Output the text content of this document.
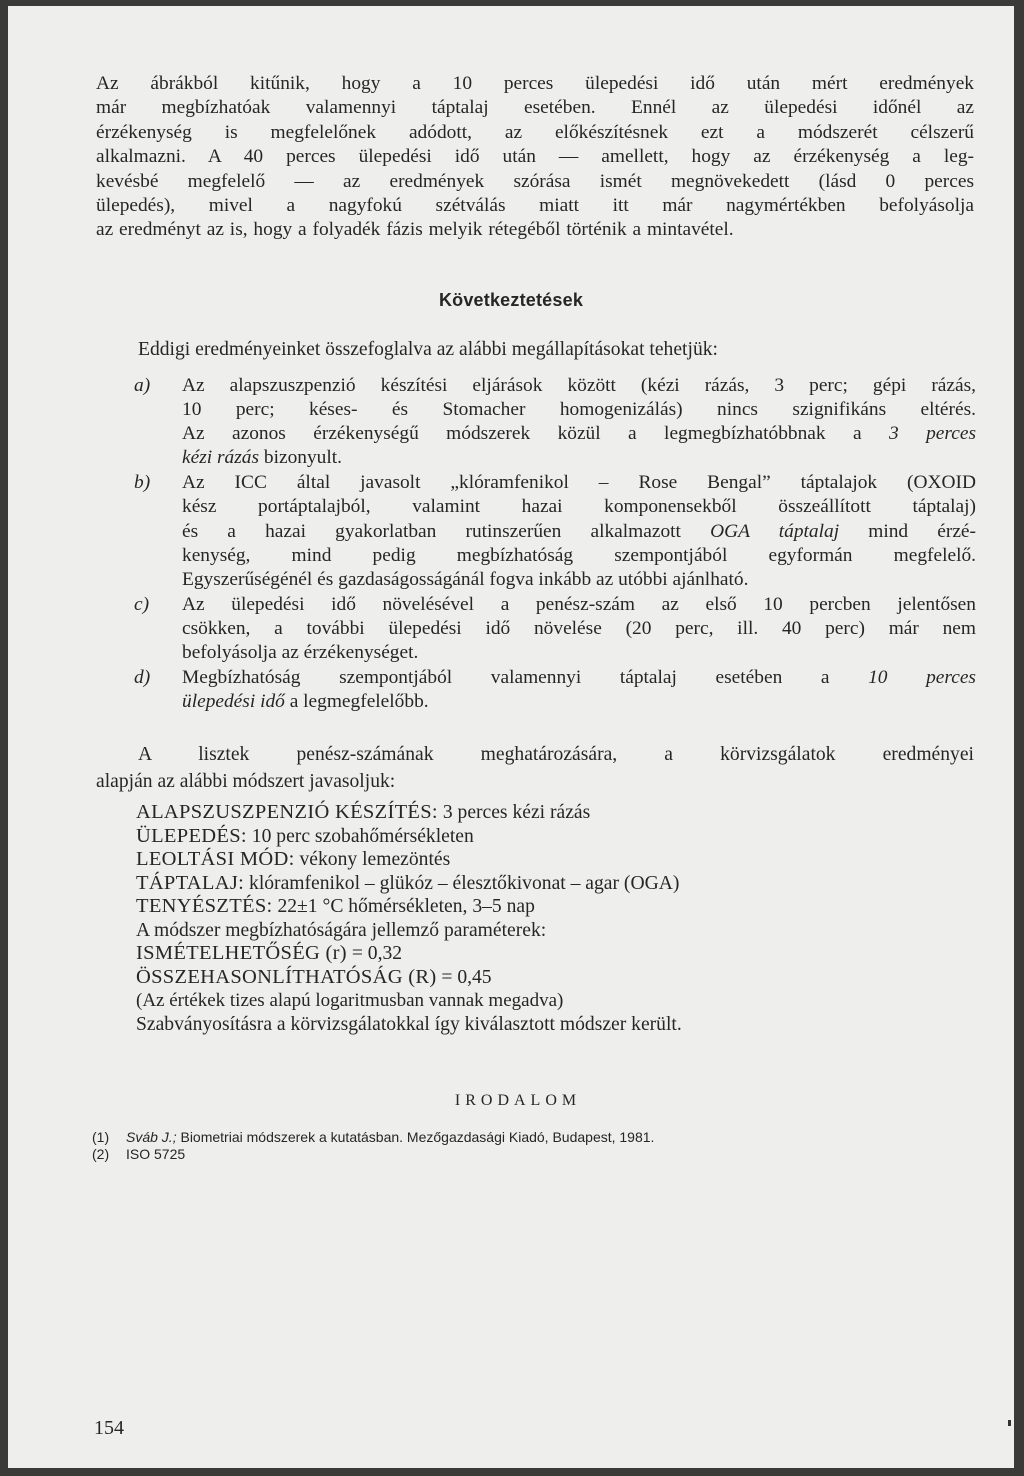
Az ábrákból kitűnik, hogy a 10 perces ülepedési idő után mért eredmények
már megbízhatóak valamennyi táptalaj esetében. Ennél az ülepedési időnél az
érzékenység is megfelelőnek adódott, az előkészítésnek ezt a módszerét célszerű
alkalmazni. A 40 perces ülepedési idő után — amellett, hogy az érzékenység a leg-
kevésbé megfelelő — az eredmények szórása ismét megnövekedett (lásd 0 perces
ülepedés), mivel a nagyfokú szétválás miatt itt már nagymértékben befolyásolja
az eredményt az is, hogy a folyadék fázis melyik rétegéből történik a mintavétel.
Következtetések
Eddigi eredményeinket összefoglalva az alábbi megállapításokat tehetjük:
a) Az alapszuszpenzió készítési eljárások között (kézi rázás, 3 perc; gépi rázás,
10 perc; késes- és Stomacher homogenizálás) nincs szignifikáns eltérés.
Az azonos érzékenységű módszerek közül a legmegbízhatóbbnak a 3 perces
kézi rázás bizonyult.
b) Az ICC által javasolt „klóramfenikol – Rose Bengal” táptalajok (OXOID
kész portáptalajból, valamint hazai komponensekből összeállított táptalaj)
és a hazai gyakorlatban rutinszerűen alkalmazott OGA táptalaj mind érzé-
kenység, mind pedig megbízhatóság szempontjából egyformán megfelelő.
Egyszerűségénél és gazdaságosságánál fogva inkább az utóbbi ajánlható.
c) Az ülepedési idő növelésével a penész-szám az első 10 percben jelentősen
csökken, a további ülepedési idő növelése (20 perc, ill. 40 perc) már nem
befolyásolja az érzékenységet.
d) Megbízhatóság szempontjából valamennyi táptalaj esetében a 10 perces
ülepedési idő a legmegfelelőbb.
A lisztek penész-számának meghatározására, a körvizsgálatok eredményei
alapján az alábbi módszert javasoljuk:
ALAPSZUSZPENZIÓ KÉSZÍTÉS: 3 perces kézi rázás
ÜLEPEDÉS: 10 perc szobahőmérsékleten
LEOLTÁSI MÓD: vékony lemezöntés
TÁPTALAJ: klóramfenikol – glükóz – élesztőkivonat – agar (OGA)
TENYÉSZTÉS: 22±1 °C hőmérsékleten, 3–5 nap
A módszer megbízhatóságára jellemző paraméterek:
ISMÉTELHETŐSÉG (r) = 0,32
ÖSSZEHASONLÍTHATÓSÁG (R) = 0,45
(Az értékek tizes alapú logaritmusban vannak megadva)
Szabványosításra a körvizsgálatokkal így kiválasztott módszer került.
IRODALOM
(1) Sváb J.; Biometriai módszerek a kutatásban. Mezőgazdasági Kiadó, Budapest, 1981.
(2) ISO 5725
154
